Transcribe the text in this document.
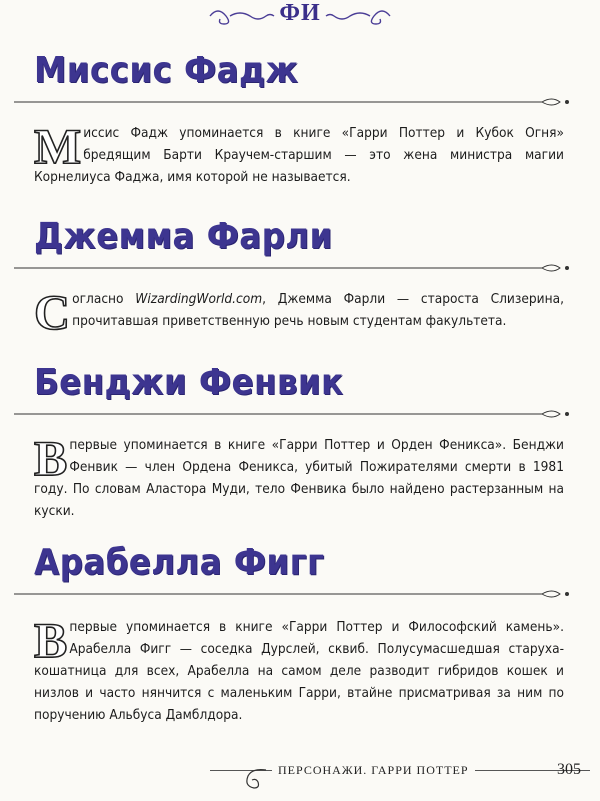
ФИ
Миссис Фадж
Миссис Фадж упоминается в книге «Гарри Поттер и Кубок Огня» бредящим Барти Краучем-старшим — это жена министра магии Корнелиуса Фаджа, имя которой не называется.
Джемма Фарли
Согласно WizardingWorld.com, Джемма Фарли — староста Слизерина, прочитавшая приветственную речь новым студентам факультета.
Бенджи Фенвик
Впервые упоминается в книге «Гарри Поттер и Орден Феникса». Бенджи Фенвик — член Ордена Феникса, убитый Пожирателями смерти в 1981 году. По словам Аластора Муди, тело Фенвика было найдено растерзанным на куски.
Арабелла Фигг
Впервые упоминается в книге «Гарри Поттер и Философский камень». Арабелла Фигг — соседка Дурслей, сквиб. Полусумасшедшая старуха-кошатница для всех, Арабелла на самом деле разводит гибридов кошек и низлов и часто нянчится с маленьким Гарри, втайне присматривая за ним по поручению Альбуса Дамблдора.
ПЕРСОНАЖИ. ГАРРИ ПОТТЕР	305
